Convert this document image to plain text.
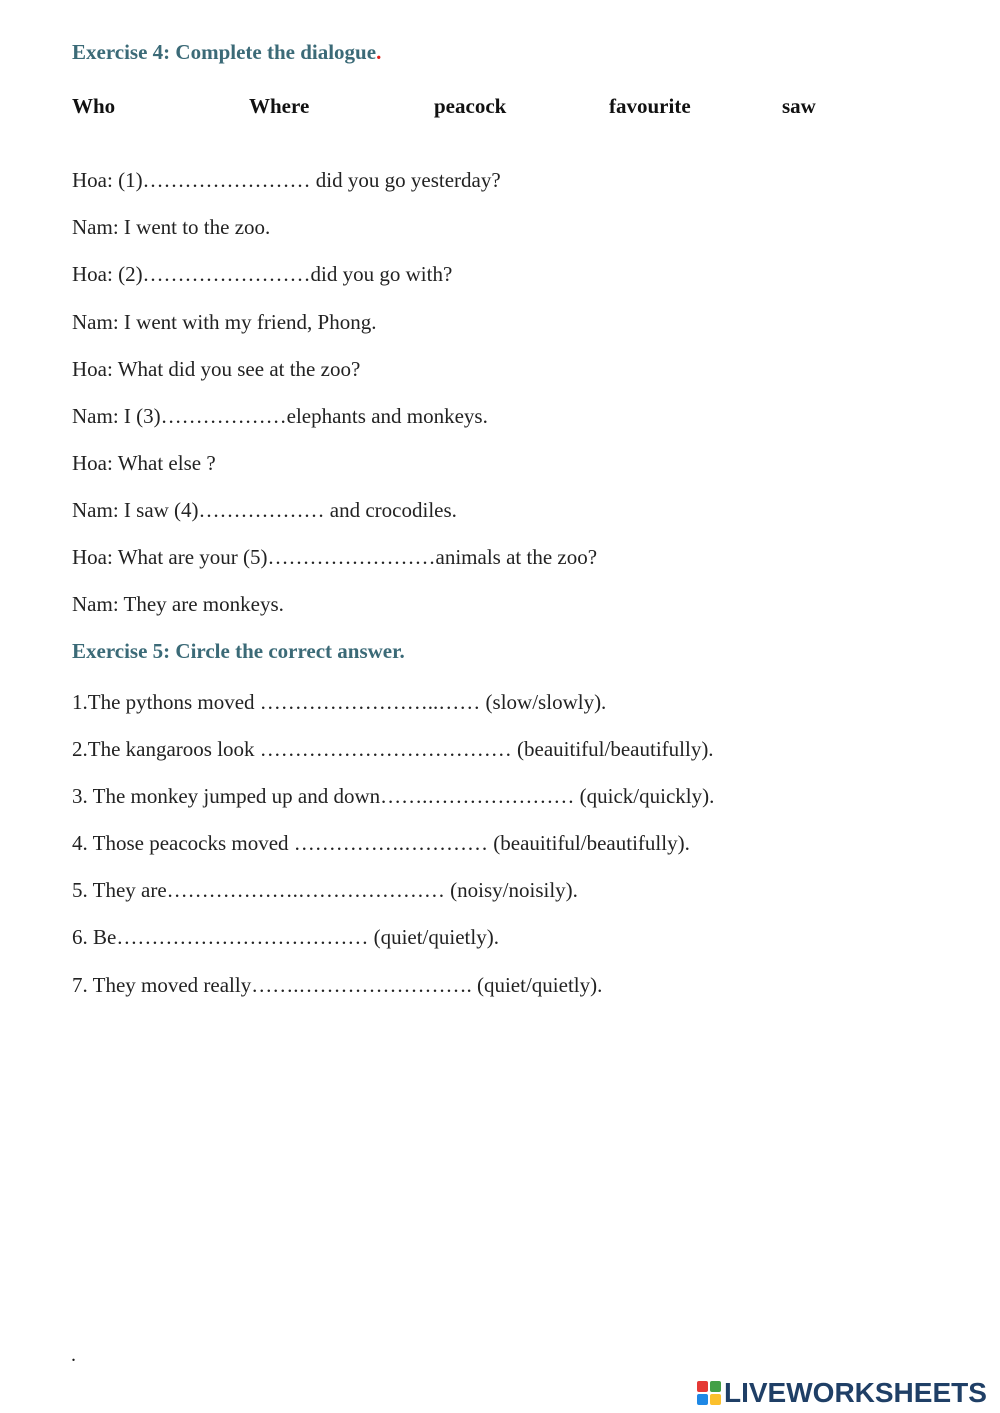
Exercise 4: Complete the dialogue.
Who	Where	peacock	favourite	saw
Hoa: (1)…………………… did you go yesterday?
Nam: I went to the zoo.
Hoa: (2)……………………did you go with?
Nam: I went with my friend, Phong.
Hoa: What did you see at the zoo?
Nam: I (3)………………elephants and monkeys.
Hoa: What else ?
Nam: I saw (4)……………… and crocodiles.
Hoa: What are your (5)……………………animals at the zoo?
Nam: They are monkeys.
Exercise 5: Circle the correct answer.
1.The pythons moved ……………………..…… (slow/slowly).
2.The kangaroos look ……………………………… (beauitiful/beautifully).
3. The monkey jumped up and down…….………………… (quick/quickly).
4. Those peacocks moved …………….………… (beauitiful/beautifully).
5. They are……………….………………… (noisy/noisily).
6. Be……………………………… (quiet/quietly).
7. They moved really…….……………………. (quiet/quietly).
.
LIVEWORKSHEETS
